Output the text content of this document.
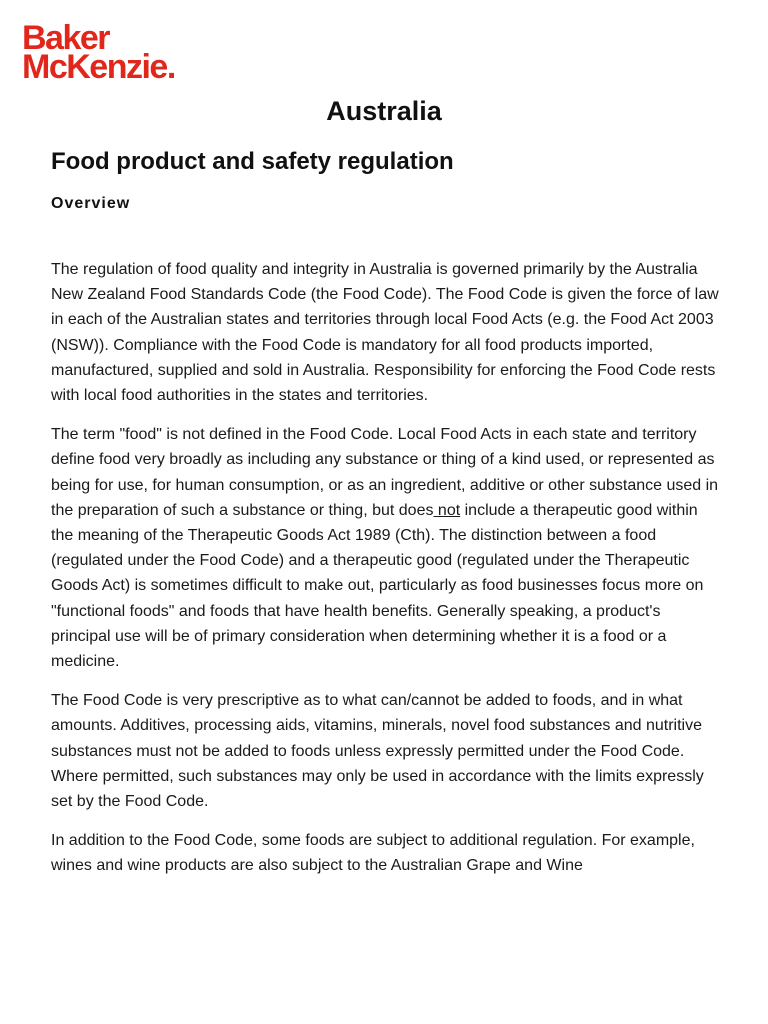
Baker
McKenzie.
Australia
Food product and safety regulation
Overview

The regulation of food quality and integrity in Australia is governed primarily by the Australia New Zealand Food Standards Code (the Food Code). The Food Code is given the force of law in each of the Australian states and territories through local Food Acts (e.g. the Food Act 2003 (NSW)). Compliance with the Food Code is mandatory for all food products imported, manufactured, supplied and sold in Australia. Responsibility for enforcing the Food Code rests with local food authorities in the states and territories.

The term "food" is not defined in the Food Code. Local Food Acts in each state and territory define food very broadly as including any substance or thing of a kind used, or represented as being for use, for human consumption, or as an ingredient, additive or other substance used in the preparation of such a substance or thing, but does not include a therapeutic good within the meaning of the Therapeutic Goods Act 1989 (Cth). The distinction between a food (regulated under the Food Code) and a therapeutic good (regulated under the Therapeutic Goods Act) is sometimes difficult to make out, particularly as food businesses focus more on "functional foods" and foods that have health benefits. Generally speaking, a product's principal use will be of primary consideration when determining whether it is a food or a medicine.

The Food Code is very prescriptive as to what can/cannot be added to foods, and in what amounts. Additives, processing aids, vitamins, minerals, novel food substances and nutritive substances must not be added to foods unless expressly permitted under the Food Code. Where permitted, such substances may only be used in accordance with the limits expressly set by the Food Code.

In addition to the Food Code, some foods are subject to additional regulation. For example, wines and wine products are also subject to the Australian Grape and Wine
